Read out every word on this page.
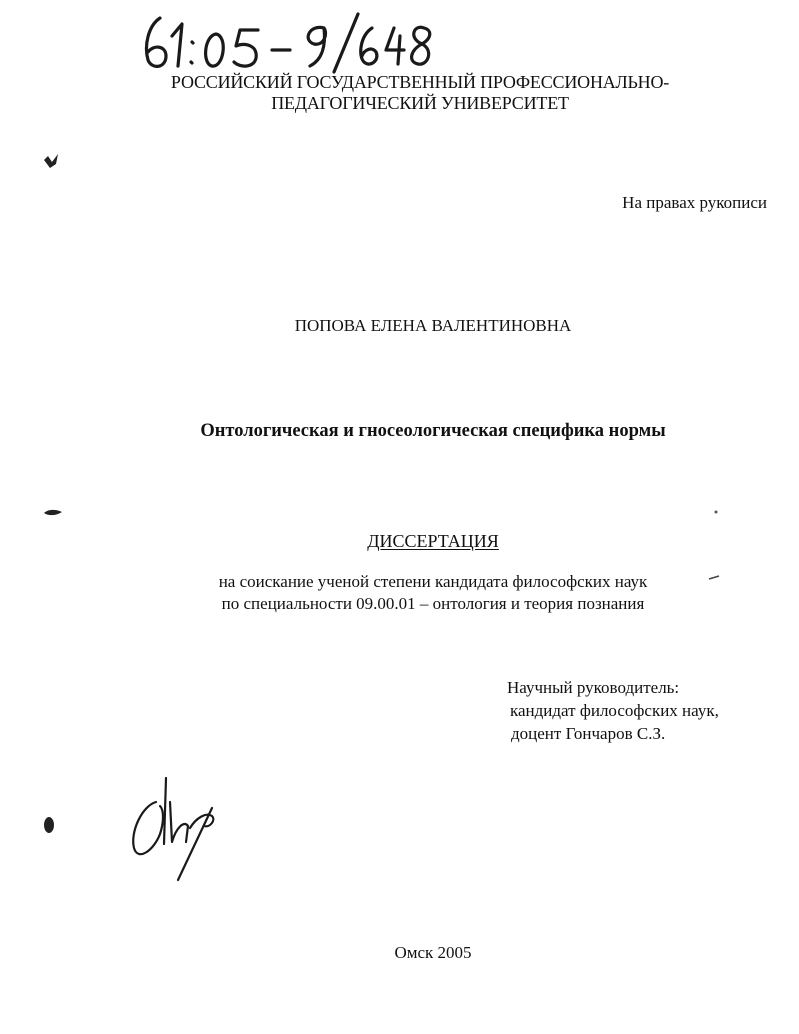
РОССИЙСКИЙ ГОСУДАРСТВЕННЫЙ ПРОФЕССИОНАЛЬНО-
ПЕДАГОГИЧЕСКИЙ УНИВЕРСИТЕТ
На правах рукописи
ПОПОВА ЕЛЕНА ВАЛЕНТИНОВНА
Онтологическая и гносеологическая специфика нормы
ДИССЕРТАЦИЯ
на соискание ученой степени кандидата философских наук
по специальности 09.00.01 – онтология и теория познания
Научный руководитель:
кандидат философских наук,
доцент Гончаров С.З.
Омск 2005
